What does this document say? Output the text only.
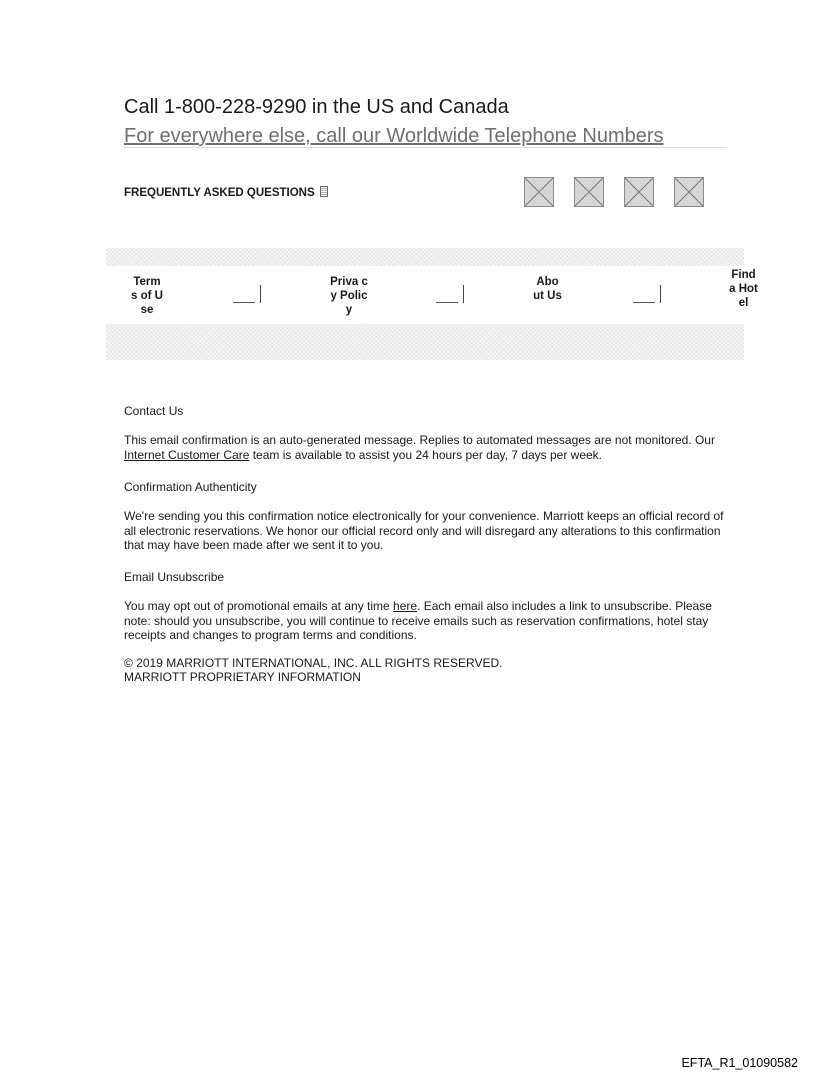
Call 1-800-228-9290 in the US and Canada
For everywhere else, call our Worldwide Telephone Numbers
FREQUENTLY ASKED QUESTIONS
Term s of Use
Priva cy Policy
Abo ut Us
Find a Hot el
Contact Us
This email confirmation is an auto-generated message. Replies to automated messages are not monitored. Our Internet Customer Care team is available to assist you 24 hours per day, 7 days per week.
Confirmation Authenticity
We're sending you this confirmation notice electronically for your convenience. Marriott keeps an official record of all electronic reservations. We honor our official record only and will disregard any alterations to this confirmation that may have been made after we sent it to you.
Email Unsubscribe
You may opt out of promotional emails at any time here. Each email also includes a link to unsubscribe. Please note: should you unsubscribe, you will continue to receive emails such as reservation confirmations, hotel stay receipts and changes to program terms and conditions.
© 2019 MARRIOTT INTERNATIONAL, INC. ALL RIGHTS RESERVED.
MARRIOTT PROPRIETARY INFORMATION
EFTA_R1_01090582
